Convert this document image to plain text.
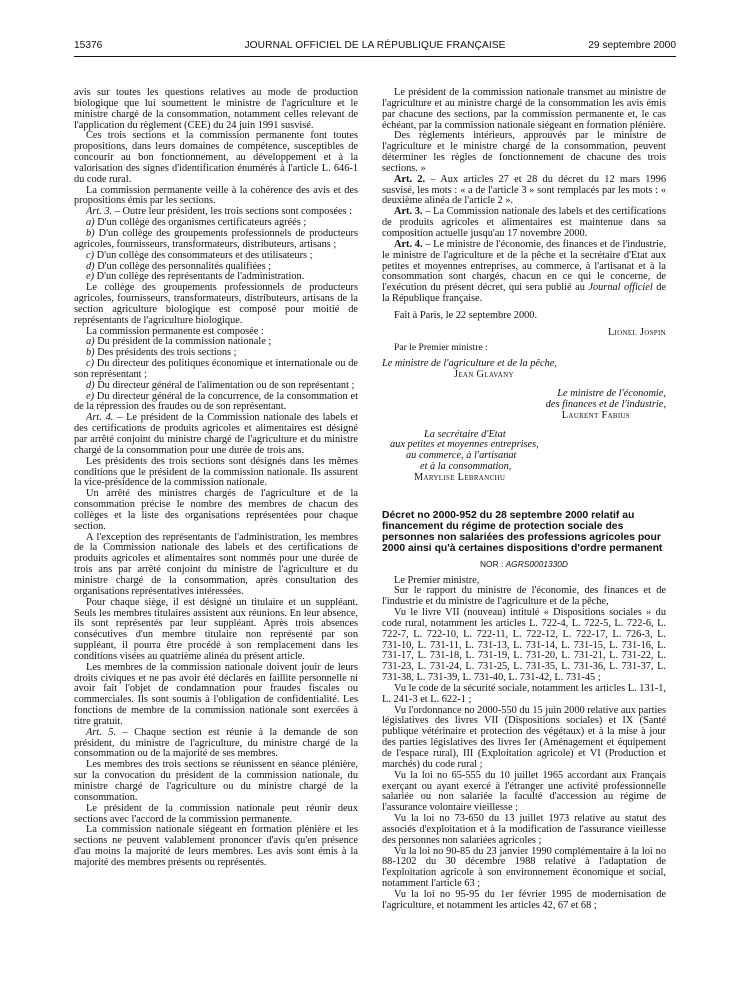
15376	JOURNAL OFFICIEL DE LA RÉPUBLIQUE FRANÇAISE	29 septembre 2000

avis sur toutes les questions relatives au mode de production biologique que lui soumettent le ministre de l'agriculture et le ministre chargé de la consommation, notamment celles relevant de l'application du règlement (CEE) du 24 juin 1991 susvisé.

Ces trois sections et la commission permanente font toutes propositions, dans leurs domaines de compétence, susceptibles de concourir au bon fonctionnement, au développement et à la valorisation des signes d'identification énumérés à l'article L. 646-1 du code rural.

La commission permanente veille à la cohérence des avis et des propositions émis par les sections.

Art. 3. – Outre leur président, les trois sections sont composées :

a) D'un collège des organismes certificateurs agréés ;

b) D'un collège des groupements professionnels de producteurs agricoles, fournisseurs, transformateurs, distributeurs, artisans ;

c) D'un collège des consommateurs et des utilisateurs ;

d) D'un collège des personnalités qualifiées ;

e) D'un collège des représentants de l'administration.

Le collège des groupements professionnels de producteurs agricoles, fournisseurs, transformateurs, distributeurs, artisans de la section agriculture biologique est composé pour moitié de représentants de l'agriculture biologique.

La commission permanente est composée :

a) Du président de la commission nationale ;

b) Des présidents des trois sections ;

c) Du directeur des politiques économique et internationale ou de son représentant ;

d) Du directeur général de l'alimentation ou de son représentant ;

e) Du directeur général de la concurrence, de la consommation et de la répression des fraudes ou de son représentant.

Art. 4. – Le président de la Commission nationale des labels et des certifications de produits agricoles et alimentaires est désigné par arrêté conjoint du ministre chargé de l'agriculture et du ministre chargé de la consommation pour une durée de trois ans.

Les présidents des trois sections sont désignés dans les mêmes conditions que le président de la commission nationale. Ils assurent la vice-présidence de la commission nationale.

Un arrêté des ministres chargés de l'agriculture et de la consommation précise le nombre des membres de chacun des collèges et la liste des organisations représentées pour chaque section.

A l'exception des représentants de l'administration, les membres de la Commission nationale des labels et des certifications de produits agricoles et alimentaires sont nommés pour une durée de trois ans par arrêté conjoint du ministre de l'agriculture et du ministre chargé de la consommation, après consultation des organisations représentatives intéressées.

Pour chaque siège, il est désigné un titulaire et un suppléant. Seuls les membres titulaires assistent aux réunions. En leur absence, ils sont représentés par leur suppléant. Après trois absences consécutives d'un membre titulaire non représenté par son suppléant, il pourra être procédé à son remplacement dans les conditions visées au quatrième alinéa du présent article.

Les membres de la commission nationale doivent jouir de leurs droits civiques et ne pas avoir été déclarés en faillite personnelle ni avoir fait l'objet de condamnation pour fraudes fiscales ou commerciales. Ils sont soumis à l'obligation de confidentialité. Les fonctions de membre de la commission nationale sont exercées à titre gratuit.

Art. 5. – Chaque section est réunie à la demande de son président, du ministre de l'agriculture, du ministre chargé de la consommation ou de la majorité de ses membres.

Les membres des trois sections se réunissent en séance plénière, sur la convocation du président de la commission nationale, du ministre chargé de l'agriculture ou du ministre chargé de la consommation.

Le président de la commission nationale peut réunir deux sections avec l'accord de la commission permanente.

La commission nationale siégeant en formation plénière et les sections ne peuvent valablement prononcer d'avis qu'en présence d'au moins la majorité de leurs membres. Les avis sont émis à la majorité des membres présents ou représentés.

Le président de la commission nationale transmet au ministre de l'agriculture et au ministre chargé de la consommation les avis émis par chacune des sections, par la commission permanente et, le cas échéant, par la commission nationale siégeant en formation plénière.

Des règlements intérieurs, approuvés par le ministre de l'agriculture et le ministre chargé de la consommation, peuvent déterminer les règles de fonctionnement de chacune des trois sections. »

Art. 2. – Aux articles 27 et 28 du décret du 12 mars 1996 susvisé, les mots : « a de l'article 3 » sont remplacés par les mots : « deuxième alinéa de l'article 2 ».

Art. 3. – La Commission nationale des labels et des certifications de produits agricoles et alimentaires est maintenue dans sa composition actuelle jusqu'au 17 novembre 2000.

Art. 4. – Le ministre de l'économie, des finances et de l'industrie, le ministre de l'agriculture et de la pêche et la secrétaire d'Etat aux petites et moyennes entreprises, au commerce, à l'artisanat et à la consommation sont chargés, chacun en ce qui le concerne, de l'exécution du présent décret, qui sera publié au Journal officiel de la République française.

Fait à Paris, le 22 septembre 2000.

Lionel Jospin

Par le Premier ministre :

Le ministre de l'agriculture et de la pêche,
Jean Glavany

Le ministre de l'économie,
des finances et de l'industrie,
Laurent Fabius

La secrétaire d'Etat
aux petites et moyennes entreprises,
au commerce, à l'artisanat
et à la consommation,
Marylise Lebranchu

Décret no 2000-952 du 28 septembre 2000 relatif au financement du régime de protection sociale des personnes non salariées des professions agricoles pour 2000 ainsi qu'à certaines dispositions d'ordre permanent

NOR : AGRS0001330D

Le Premier ministre,

Sur le rapport du ministre de l'économie, des finances et de l'industrie et du ministre de l'agriculture et de la pêche,

Vu le livre VII (nouveau) intitulé « Dispositions sociales » du code rural, notamment les articles L. 722-4, L. 722-5, L. 722-6, L. 722-7, L. 722-10, L. 722-11, L. 722-12, L. 722-17, L. 726-3, L. 731-10, L. 731-11, L. 731-13, L. 731-14, L. 731-15, L. 731-16, L. 731-17, L. 731-18, L. 731-19, L. 731-20, L. 731-21, L. 731-22, L. 731-23, L. 731-24, L. 731-25, L. 731-35, L. 731-36, L. 731-37, L. 731-38, L. 731-39, L. 731-40, L. 731-42, L. 731-45 ;

Vu le code de la sécurité sociale, notamment les articles L. 131-1, L. 241-3 et L. 622-1 ;

Vu l'ordonnance no 2000-550 du 15 juin 2000 relative aux parties législatives des livres VII (Dispositions sociales) et IX (Santé publique vétérinaire et protection des végétaux) et à la mise à jour des parties législatives des livres Ier (Aménagement et équipement de l'espace rural), III (Exploitation agricole) et VI (Production et marchés) du code rural ;

Vu la loi no 65-555 du 10 juillet 1965 accordant aux Français exerçant ou ayant exercé à l'étranger une activité professionnelle salariée ou non salariée la faculté d'accession au régime de l'assurance volontaire vieillesse ;

Vu la loi no 73-650 du 13 juillet 1973 relative au statut des associés d'exploitation et à la modification de l'assurance vieillesse des personnes non salariées agricoles ;

Vu la loi no 90-85 du 23 janvier 1990 complémentaire à la loi no 88-1202 du 30 décembre 1988 relative à l'adaptation de l'exploitation agricole à son environnement économique et social, notamment l'article 63 ;

Vu la loi no 95-95 du 1er février 1995 de modernisation de l'agriculture, et notamment les articles 42, 67 et 68 ;
